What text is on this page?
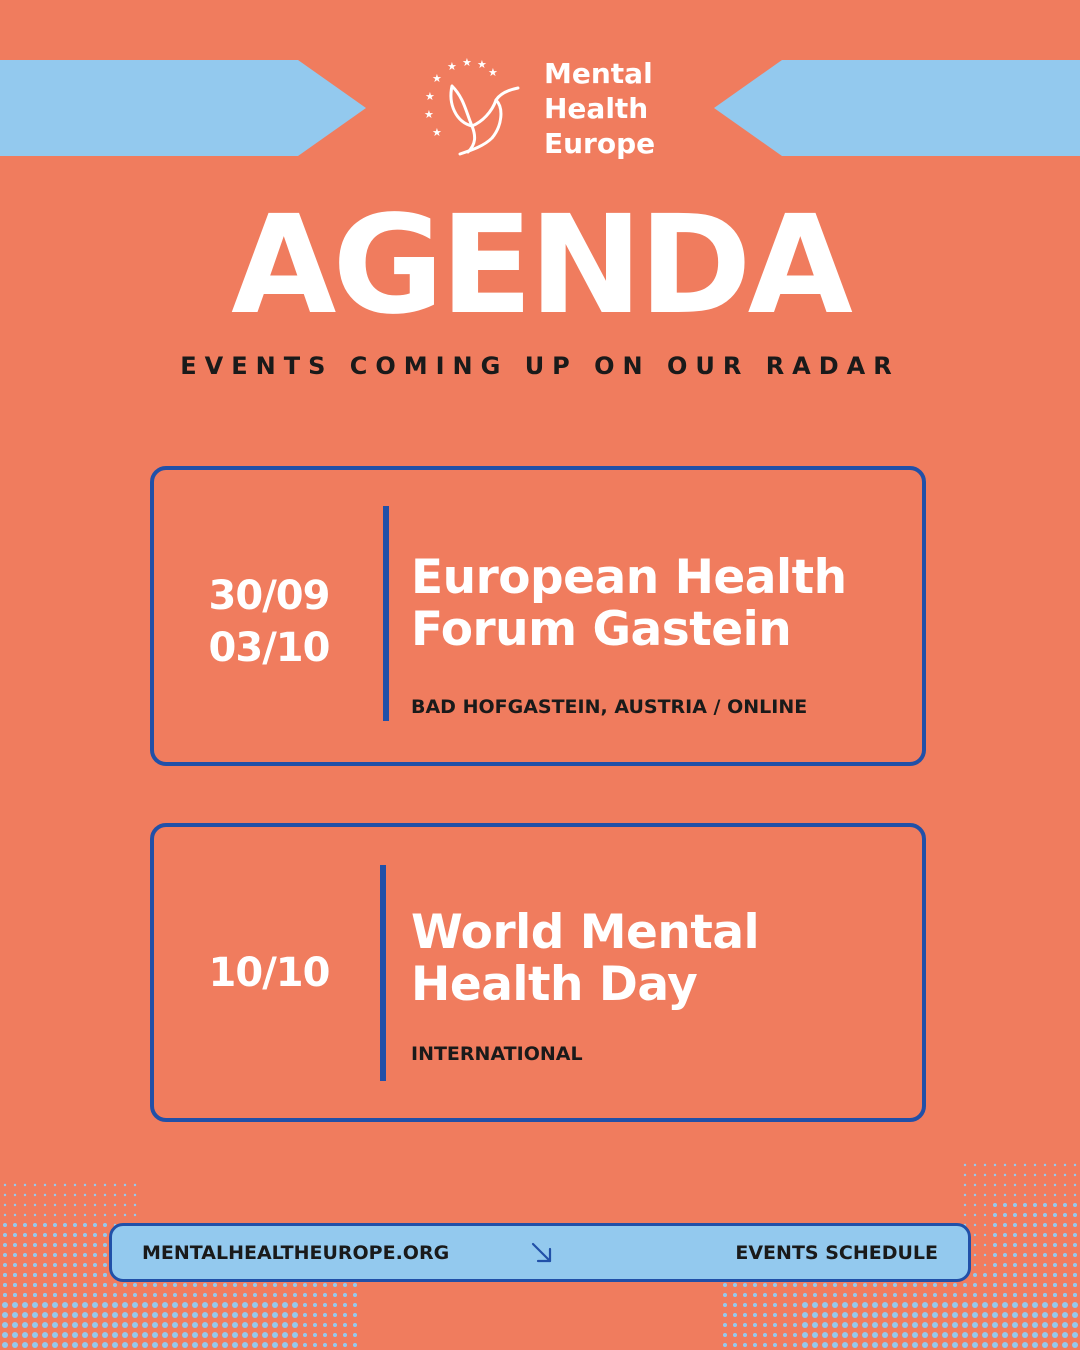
★
★ ★ ★
★
★
★
★
Mental
Health
Europe
AGENDA
EVENTS COMING UP ON OUR RADAR
30/09
03/10
European Health
Forum Gastein
BAD HOFGASTEIN, AUSTRIA / ONLINE
10/10
World Mental
Health Day
INTERNATIONAL
MENTALHEALTHEUROPE.ORG	EVENTS SCHEDULE
